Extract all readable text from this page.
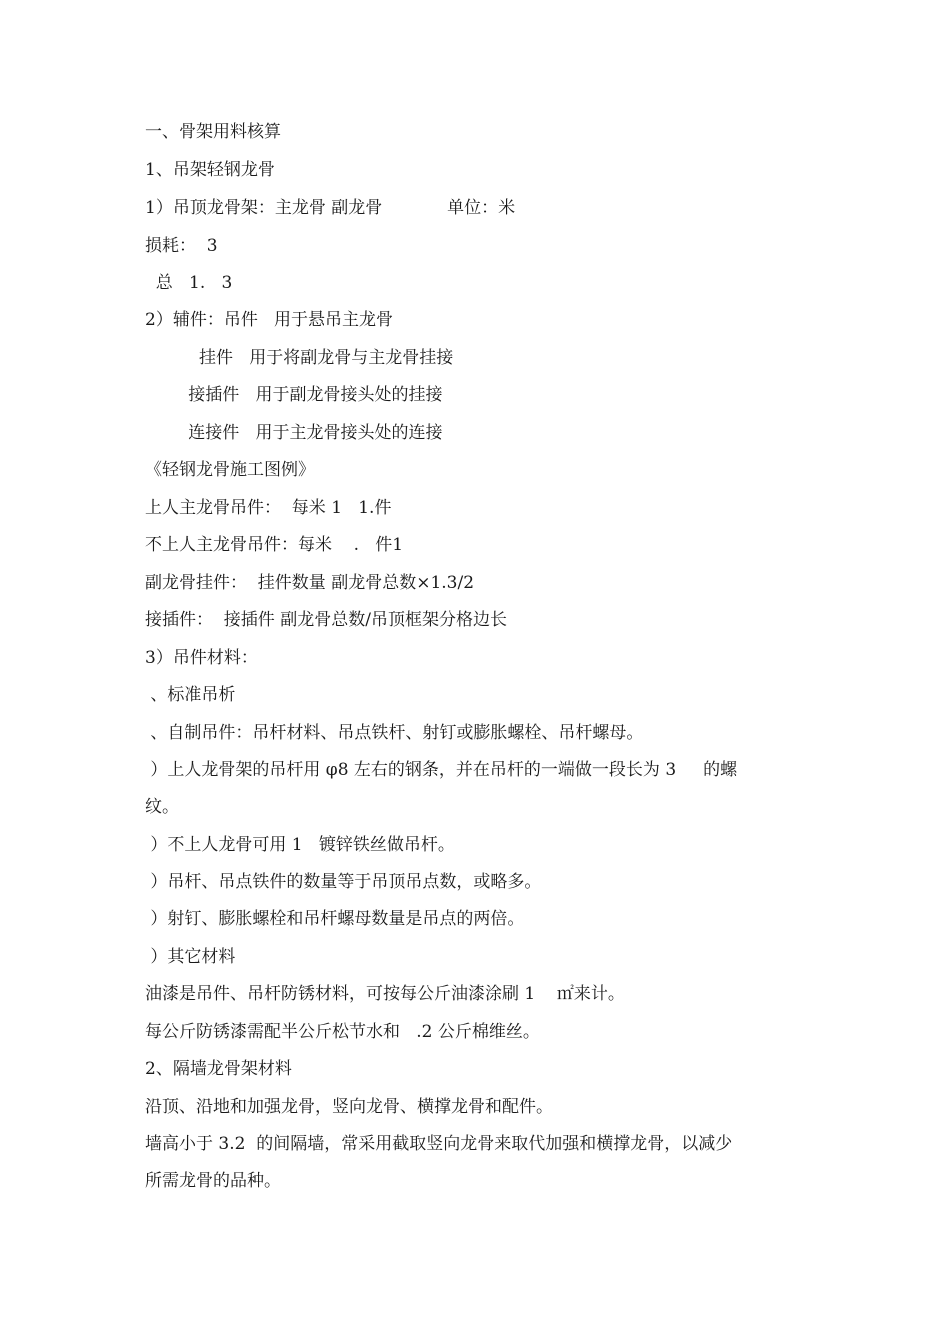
一、骨架用料核算
1、吊架轻钢龙骨
1）吊顶龙骨架：主龙骨 副龙骨            单位：米
损耗：  3
总   1.   3
2）辅件：吊件   用于悬吊主龙骨
挂件   用于将副龙骨与主龙骨挂接
接插件   用于副龙骨接头处的挂接
连接件   用于主龙骨接头处的连接
《轻钢龙骨施工图例》
上人主龙骨吊件：  每米 1   1.件
不上人主龙骨吊件：每米    .   件1
副龙骨挂件：  挂件数量 副龙骨总数×1.3/2
接插件：  接插件 副龙骨总数/吊顶框架分格边长
3）吊件材料：
、标准吊析
、自制吊件：吊杆材料、吊点铁杆、射钉或膨胀螺栓、吊杆螺母。
）上人龙骨架的吊杆用 φ8 左右的钢条，并在吊杆的一端做一段长为 3     的螺
纹。
）不上人龙骨可用 1   镀锌铁丝做吊杆。
）吊杆、吊点铁件的数量等于吊顶吊点数，或略多。
）射钉、膨胀螺栓和吊杆螺母数量是吊点的两倍。
）其它材料
油漆是吊件、吊杆防锈材料，可按每公斤油漆涂刷 1    ㎡来计。
每公斤防锈漆需配半公斤松节水和   .2 公斤棉维丝。
2、隔墙龙骨架材料
沿顶、沿地和加强龙骨，竖向龙骨、横撑龙骨和配件。
墙高小于 3.2  的间隔墙，常采用截取竖向龙骨来取代加强和横撑龙骨，以减少
所需龙骨的品种。
